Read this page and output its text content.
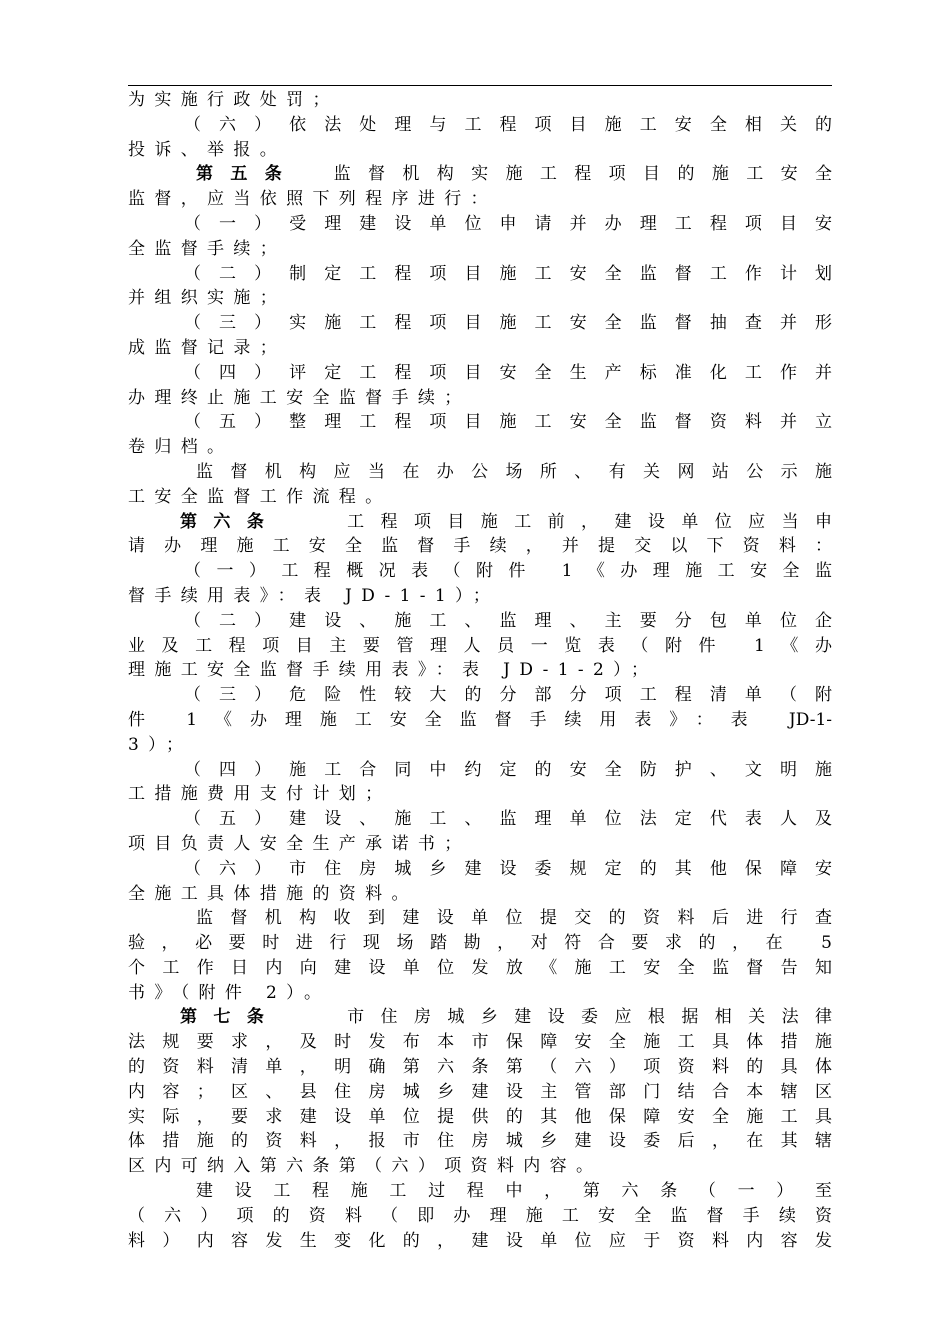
为实施行政处罚；
（六）依法处理与工程项目施工安全相关的
投诉、举报。
第五条　 监督机构实施工程项目的施工安全
监督，应当依照下列程序进行：
（一）受理建设单位申请并办理工程项目安
全监督手续；
（二）制定工程项目施工安全监督工作计划
并组织实施；
（三）实施工程项目施工安全监督抽查并形
成监督记录；
（四）评定工程项目安全生产标准化工作并
办理终止施工安全监督手续；
（五）整理工程项目施工安全监督资料并立
卷归档。
监督机构应当在办公场所、有关网站公示施
工安全监督工作流程。
第六条　　	工程项目施工前，建设单位应当申
请办理施工安全监督手续，并提交以下资料：
（一）工程概况表（附件 1《办理施工安全监
督手续用表》：表 JD-1-1）；
（二）建设、施工、监理、主要分包单位企
业及工程项目主要管理人员一览表（附件 1《办
理施工安全监督手续用表》：表 JD-1-2）；
（三）危险性较大的分部分项工程清单（附
件 1《办理施工安全监督手续用表》：表 JD-1-
3）；
（四）施工合同中约定的安全防护、文明施
工措施费用支付计划；
（五）建设、施工、监理单位法定代表人及
项目负责人安全生产承诺书；
（六）市住房城乡建设委规定的其他保障安
全施工具体措施的资料。
监督机构收到建设单位提交的资料后进行查
验，必要时进行现场踏勘，对符合要求的，在 5
个工作日内向建设单位发放《施工安全监督告知
书》（附件 2）。
第七条　　	市住房城乡建设委应根据相关法律
法规要求，及时发布本市保障安全施工具体措施
的资料清单，明确第六条第（六）项资料的具体
内容；区、县住房城乡建设主管部门结合本辖区
实际，要求建设单位提供的其他保障安全施工具
体措施的资料，报市住房城乡建设委后，在其辖
区内可纳入第六条第（六）项资料内容。
建设工程施工过程中，第六条（一）至
（六）项的资料（即办理施工安全监督手续资
料）内容发生变化的，建设单位应于资料内容发
